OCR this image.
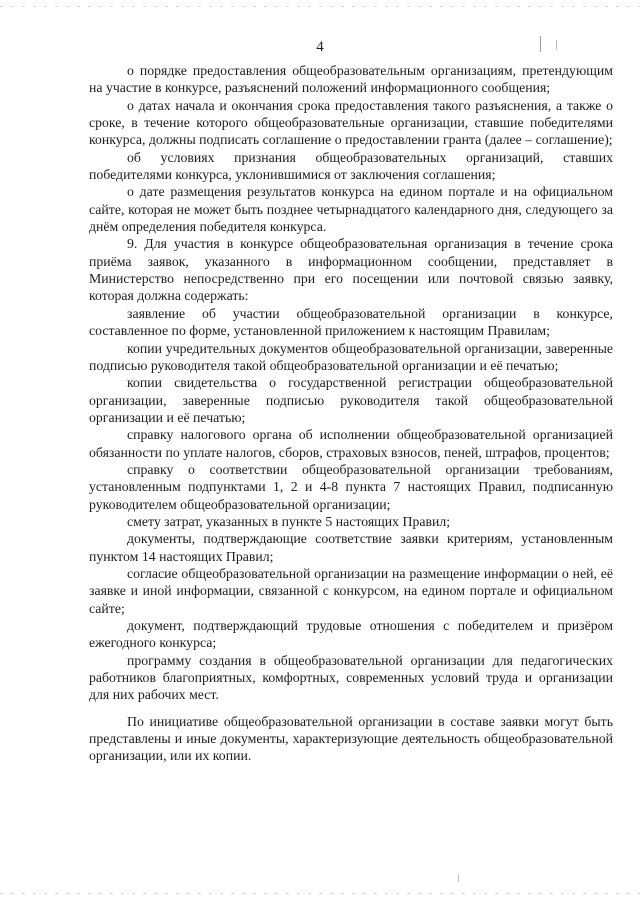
4

о порядке предоставления общеобразовательным организациям, претендующим на участие в конкурсе, разъяснений положений информационного сообщения;

о датах начала и окончания срока предоставления такого разъяснения, а также о сроке, в течение которого общеобразовательные организации, ставшие победителями конкурса, должны подписать соглашение о предоставлении гранта (далее – соглашение);

об условиях признания общеобразовательных организаций, ставших победителями конкурса, уклонившимися от заключения соглашения;

о дате размещения результатов конкурса на едином портале и на официальном сайте, которая не может быть позднее четырнадцатого календарного дня, следующего за днём определения победителя конкурса.

9. Для участия в конкурсе общеобразовательная организация в течение срока приёма заявок, указанного в информационном сообщении, представляет в Министерство непосредственно при его посещении или почтовой связью заявку, которая должна содержать:

заявление об участии общеобразовательной организации в конкурсе, составленное по форме, установленной приложением к настоящим Правилам;

копии учредительных документов общеобразовательной организации, заверенные подписью руководителя такой общеобразовательной организации и её печатью;

копии свидетельства о государственной регистрации общеобразовательной организации, заверенные подписью руководителя такой общеобразовательной организации и её печатью;

справку налогового органа об исполнении общеобразовательной организацией обязанности по уплате налогов, сборов, страховых взносов, пеней, штрафов, процентов;

справку о соответствии общеобразовательной организации требованиям, установленным подпунктами 1, 2 и 4-8 пункта 7 настоящих Правил, подписанную руководителем общеобразовательной организации;

смету затрат, указанных в пункте 5 настоящих Правил;

документы, подтверждающие соответствие заявки критериям, установленным пунктом 14 настоящих Правил;

согласие общеобразовательной организации на размещение информации о ней, её заявке и иной информации, связанной с конкурсом, на едином портале и официальном сайте;

документ, подтверждающий трудовые отношения с победителем и призёром ежегодного конкурса;

программу создания в общеобразовательной организации для педагогических работников благоприятных, комфортных, современных условий труда и организации для них рабочих мест.

По инициативе общеобразовательной организации в составе заявки могут быть представлены и иные документы, характеризующие деятельность общеобразовательной организации, или их копии.
